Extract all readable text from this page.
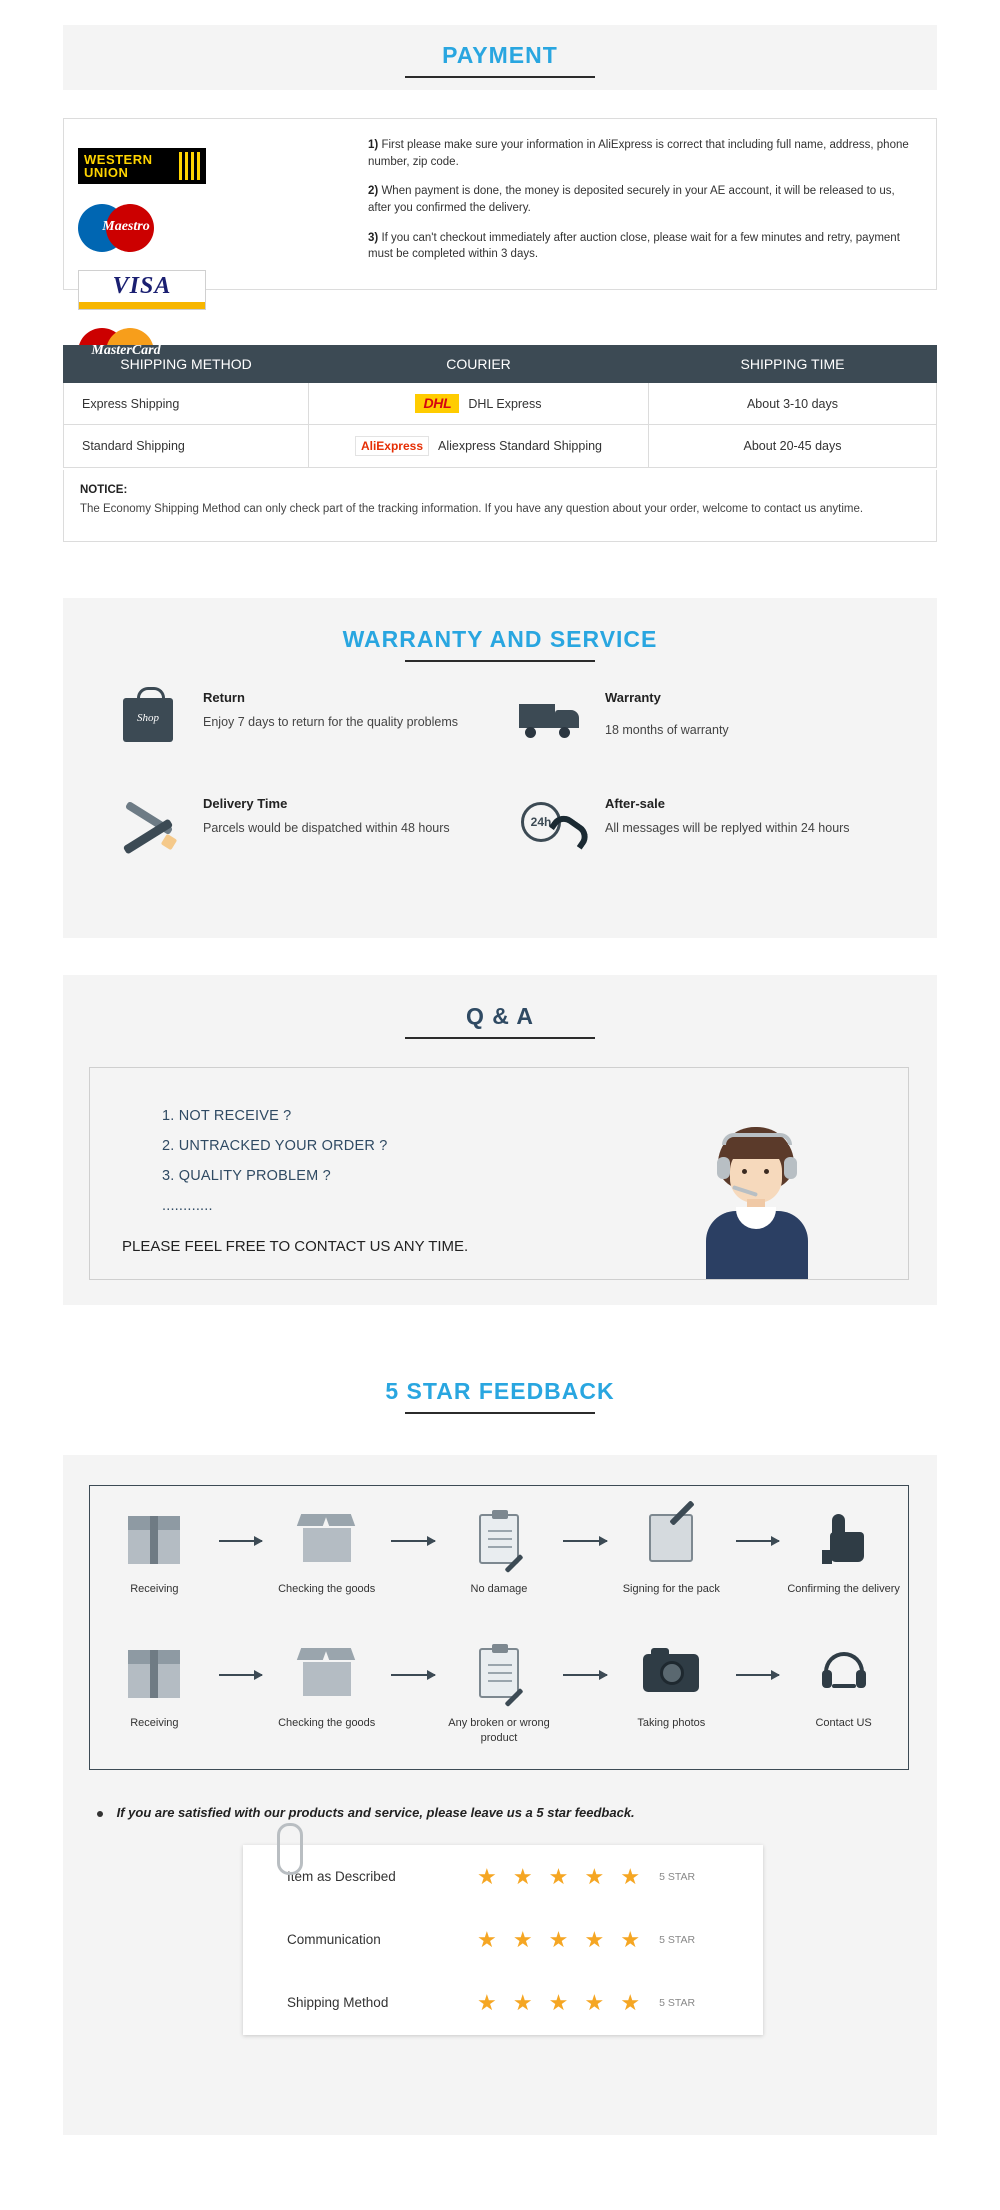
PAYMENT
WESTERN
UNION
Maestro
VISA
MasterCard

1) First please make sure your information in AliExpress is correct that including full name, address, phone number, zip code.

2) When payment is done, the money is deposited securely in your AE account, it will be released to us, after you confirmed the delivery.

3) If you can't checkout immediately after auction close, please wait for a few minutes and retry, payment must be completed within 3 days.

SHIPPING METHOD	COURIER	SHIPPING TIME
Express Shipping	DHL DHL Express	About 3-10 days
Standard Shipping	AliExpress Aliexpress Standard Shipping	About 20-45 days
NOTICE:
The Economy Shipping Method can only check part of the tracking information. If you have any question about your order, welcome to contact us anytime.
WARRANTY AND SERVICE
Shop
Return
Enjoy 7 days to return for the quality problems
Warranty
18 months of warranty
Delivery Time
Parcels would be dispatched within 48 hours	24h
After-sale
All messages will be replyed within 24 hours
Q & A
1. NOT RECEIVE ?
2. UNTRACKED YOUR ORDER ?
3. QUALITY PROBLEM ?
............
PLEASE FEEL FREE TO CONTACT US ANY TIME.
5 STAR FEEDBACK
Receiving	Checking the goods	No damage	Signing for the pack	Confirming the delivery
Receiving	Checking the goods	Any broken or wrong product
Taking photos	Contact US
If you are satisfied with our products and service, please leave us a 5 star feedback.
Item as Described	★ ★ ★ ★ ★ 5 STAR
Communication	★ ★ ★ ★ ★ 5 STAR
Shipping Method	★ ★ ★ ★ ★ 5 STAR
